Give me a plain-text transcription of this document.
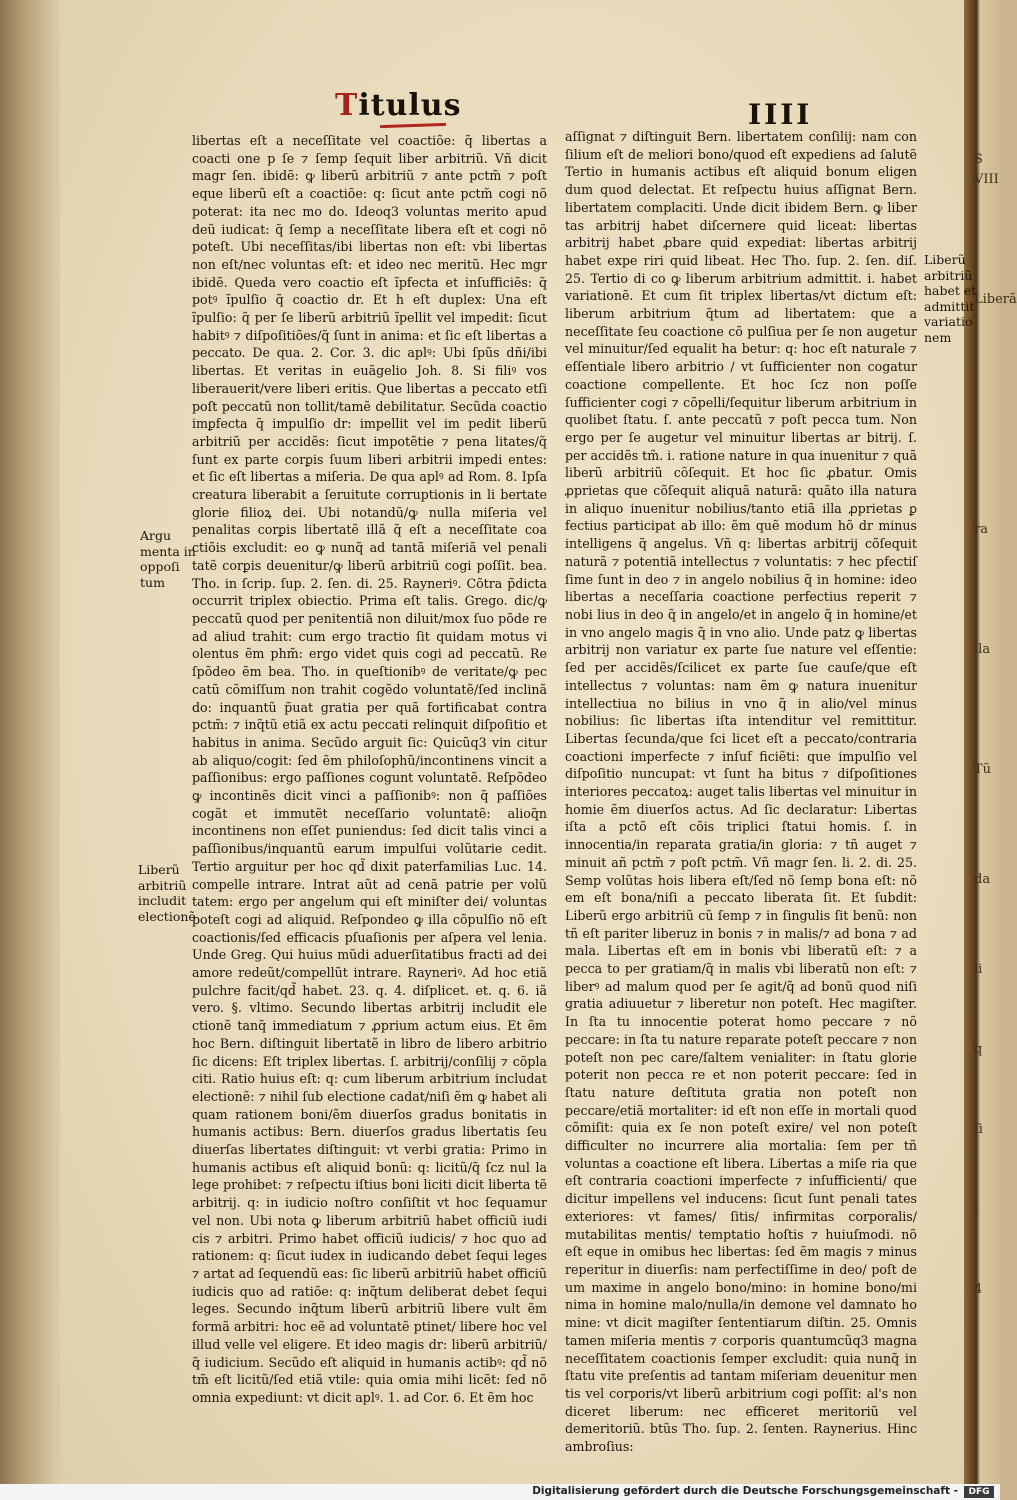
S VIII
Liberã
ra
lla
Tũ
da
li
q
ſi
i
4
Titulus	IIII

libertas eſt a neceſſitate vel coactiõe: q̃ libertas a coacti one p ſe ⁊ ſemp ſequit liber arbitriũ. Vñ dicit magr ſen. ibidẽ: ꝙ liberũ arbitriũ ⁊ ante pctm̃ ⁊ poſt eque liberũ eſt a coactiõe: q: ſicut ante pctm̃ cogi nõ poterat: ita nec mo do. Ideoq3 voluntas merito apud deũ iudicat: q̃ ſemp a neceſſitate libera eſt et cogi nõ poteſt. Ubi neceſſitas/ibi libertas non eſt: vbi libertas non eſt/nec voluntas eſt: et ideo nec meritũ. Hec mgr ibidẽ. Queda vero coactio eſt ĩpfecta et inſufficiẽs: q̃ potꝰ ĩpulſio q̃ coactio dr. Et h eſt duplex: Una eſt ĩpulſio: q̃ per ſe liberũ arbitriũ ĩpellit vel impedit: ſicut habitꝰ ⁊ diſpoſitiões/q̃ ſunt in anima: et ſic eſt libertas a peccato. De qua. 2. Cor. 3. dic aplꝰ: Ubi ſpũs dñi/ibi libertas. Et veritas in euãgelio Joh. 8. Si filiꝰ vos liberauerit/vere liberi eritis. Que libertas a peccato etſi poſt peccatũ non tollit/tamẽ debilitatur. Secũda coactio imꝑfecta q̃ impulſio dr: impellit vel im pedit liberũ arbitriũ per accidẽs: ſicut impotẽtie ⁊ pena litates/q̃ ſunt ex parte corꝑis ſuum liberi arbitrii impedi entes: et ſic eſt libertas a miſeria. De qua aplꝰ ad Rom. 8. Ipſa creatura liberabit a ſeruitute corruptionis in li bertate glorie filioꝝ dei. Ubi notandũ/ꝙ nulla miſeria vel penalitas corꝑis libertatẽ illã q̃ eſt a neceſſitate coa ctiõis excludit: eo ꝙ nunq̃ ad tantã miſeriã vel penali tatẽ corꝑis deuenitur/ꝙ liberũ arbitriũ cogi poſſit. bea. Tho. in ſcrip. ſup. 2. ſen. di. 25. Rayneriꝰ. Cõtra p̃dicta occurrit triplex obiectio. Prima eſt talis. Grego. dic/ꝙ peccatũ quod per penitentiã non diluit/mox ſuo põde re ad aliud trahit: cum ergo tractio ſit quidam motus vi olentus ẽm phm̃: ergo videt quis cogi ad peccatũ. Re ſpõdeo ẽm bea. Tho. in queſtionibꝰ de veritate/ꝙ pec catũ cõmiſſum non trahit cogẽdo voluntatẽ/ſed inclinã do: inquantũ p̃uat gratia per quã fortificabat contra pctm̃: ⁊ inq̃tũ etiã ex actu peccati relinquit diſpoſitio et habitus in anima. Secũdo arguit ſic: Quicũq3 vin citur ab aliquo/cogit: ſed ẽm philoſophũ/incontinens vincit a paſſionibus: ergo paſſiones cogunt voluntatẽ. Reſpõdeo ꝙ incontinẽs dicit vinci a paſſionibꝰ: non q̃ paſſiões cogãt et immutẽt neceſſario voluntatẽ: alioq̃n incontinens non eſſet puniendus: ſed dicit talis vinci a paſſionibus/inquantũ earum impulſui volũtarie cedit. Tertio arguitur per hoc qd̃ dixit paterfamilias Luc. 14. compelle intrare. Intrat aũt ad cenã patrie per volũ tatem: ergo per angelum qui eſt miniſter dei/ voluntas poteſt cogi ad aliquid. Reſpondeo ꝙ illa cõpulſio nõ eſt coactionis/ſed efficacis pſuaſionis per aſpera vel lenia. Unde Greg. Qui huius mũdi aduerſitatibus fracti ad dei amore redeũt/compellũt intrare. Rayneriꝰ. Ad hoc etiã pulchre facit/qd̃ habet. 23. q. 4. diſplicet. et. q. 6. iã vero. §. vltimo. Secundo libertas arbitrij includit ele ctionẽ tanq̃ immediatum ⁊ ꝓprium actum eius. Et ẽm hoc Bern. diſtinguit libertatẽ in libro de libero arbitrio ſic dicens: Eſt triplex libertas. ſ. arbitrij/conſilij ⁊ cõpla citi. Ratio huius eſt: q: cum liberum arbitrium includat electionẽ: ⁊ nihil ſub electione cadat/niſi ẽm ꝙ habet ali quam rationem boni/ẽm diuerſos gradus bonitatis in humanis actibus: Bern. diuerſos gradus libertatis ſeu diuerſas libertates diſtinguit: vt verbi gratia: Primo in humanis actibus eſt aliquid bonũ: q: licitũ/q̃ ſcz nul la lege prohibet: ⁊ reſpectu iſtius boni liciti dicit liberta tẽ arbitrij. q: in iudicio noſtro conſiſtit vt hoc ſequamur vel non. Ubi nota ꝙ liberum arbitriũ habet officiũ iudi cis ⁊ arbitri. Primo habet officiũ iudicis/ ⁊ hoc quo ad rationem: q: ſicut iudex in iudicando debet ſequi leges ⁊ artat ad ſequendũ eas: ſic liberũ arbitriũ habet officiũ iudicis quo ad ratiõe: q: inq̃tum deliberat debet ſequi leges. Secundo inq̃tum liberũ arbitriũ libere vult ẽm formã arbitri: hoc eẽ ad voluntatẽ ptinet/ libere hoc vel illud velle vel eligere. Et ideo magis dr: liberũ arbitriũ/ q̃ iudicium. Secũdo eſt aliquid in humanis actibꝰ: qd̃ nõ tm̃ eſt licitũ/ſed etiã vtile: quia omia mihi licẽt: ſed nõ omnia expediunt: vt dicit aplꝰ. 1. ad Cor. 6. Et ẽm hoc

aſſignat ⁊ diſtinguit Bern. libertatem conſilij: nam con ſilium eſt de meliori bono/quod eſt expediens ad ſalutẽ Tertio in humanis actibus eſt aliquid bonum eligen dum quod delectat. Et reſpectu huius aſſignat Bern. libertatem complaciti. Unde dicit ibidem Bern. ꝙ liber tas arbitrij habet diſcernere quid liceat: libertas arbitrij habet ꝓbare quid expediat: libertas arbitrij habet expe riri quid libeat. Hec Tho. ſup. 2. ſen. diſ. 25. Tertio di co ꝙ liberum arbitrium admittit. i. habet variationẽ. Et cum ſit triplex libertas/vt dictum eſt: liberum arbitrium q̃tum ad libertatem: que a neceſſitate ſeu coactione cõ pulſiua per ſe non augetur vel minuitur/ſed equalit ha betur: q: hoc eſt naturale ⁊ eſſentiale libero arbitrio / vt ſufficienter non cogatur coactione compellente. Et hoc ſcz non poſſe ſufficienter cogi ⁊ cõpelli/ſequitur liberum arbitrium in quolibet ſtatu. ſ. ante peccatũ ⁊ poſt pecca tum. Non ergo per ſe augetur vel minuitur libertas ar bitrij. ſ. per accidẽs tm̃. i. ratione nature in qua inuenitur ⁊ quã liberũ arbitriũ cõſequit. Et hoc ſic ꝓbatur. Omis ꝓprietas que cõſequit aliquã naturã: quãto illa natura in aliquo inuenitur nobilius/tanto etiã illa ꝓprietas ꝑ fectius participat ab illo: ẽm quẽ modum hõ dr minus intelligens q̃ angelus. Vñ q: libertas arbitrij cõſequit naturã ⁊ potentiã intellectus ⁊ voluntatis: ⁊ hec pfectiſ ſime ſunt in deo ⁊ in angelo nobilius q̃ in homine: ideo libertas a neceſſaria coactione perfectius reperit ⁊ nobi lius in deo q̃ in angelo/et in angelo q̃ in homine/et in vno angelo magis q̃ in vno alio. Unde patz ꝙ libertas arbitrij non variatur ex parte ſue nature vel eſſentie: ſed per accidẽs/ſcilicet ex parte ſue cauſe/que eſt intellectus ⁊ voluntas: nam ẽm ꝙ natura inuenitur intellectiua no bilius in vno q̃ in alio/vel minus nobilius: ſic libertas iſta intenditur vel remittitur. Libertas ſecunda/que ſci licet eſt a peccato/contraria coactioni imperfecte ⁊ inſuf ficiẽti: que impulſio vel diſpoſitio nuncupat: vt ſunt ha bitus ⁊ diſpoſitiones interiores peccatoꝝ: auget talis libertas vel minuitur in homie ẽm diuerſos actus. Ad ſic declaratur: Libertas iſta a pctõ eſt cõis triplici ſtatui homis. ſ. in innocentia/in reparata gratia/in gloria: ⁊ tñ auget ⁊ minuit añ pctm̃ ⁊ poſt pctm̃. Vñ magr ſen. li. 2. di. 25. Semp volũtas hois libera eſt/ſed nõ ſemp bona eſt: nõ em eſt bona/niſi a peccato liberata ſit. Et ſubdit: Liberũ ergo arbitriũ cũ ſemp ⁊ in ſingulis ſit benũ: non tñ eſt pariter liberuz in bonis ⁊ in malis/⁊ ad bona ⁊ ad mala. Libertas eſt em in bonis vbi liberatũ eſt: ⁊ a pecca to per gratiam/q̃ in malis vbi liberatũ non eſt: ⁊ liberꝰ ad malum quod per ſe agit/q̃ ad bonũ quod niſi gratia adiuuetur ⁊ liberetur non poteſt. Hec magiſter. In ſta tu innocentie poterat homo peccare ⁊ nõ peccare: in ſta tu nature reparate poteſt peccare ⁊ non poteſt non pec care/ſaltem venialiter: in ſtatu glorie poterit non pecca re et non poterit peccare: ſed in ſtatu nature deſtituta gratia non poteſt non peccare/etiã mortaliter: id eſt non eſſe in mortali quod cõmiſit: quia ex ſe non poteſt exire/ vel non poteſt difficulter no incurrere alia mortalia: ſem per tñ voluntas a coactione eſt libera. Libertas a miſe ria que eſt contraria coactioni imperfecte ⁊ inſufficienti/ que dicitur impellens vel inducens: ſicut ſunt penali tates exteriores: vt fames/ ſitis/ infirmitas corporalis/ mutabilitas mentis/ temptatio hoſtis ⁊ huiuſmodi. nõ eſt eque in omibus hec libertas: ſed ẽm magis ⁊ minus reperitur in diuerſis: nam perfectiſſime in deo/ poſt de um maxime in angelo bono/mino: in homine bono/mi nima in homine malo/nulla/in demone vel damnato ho mine: vt dicit magiſter ſententiarum diſtin. 25. Omnis tamen miſeria mentis ⁊ corporis quantumcũq3 magna neceſſitatem coactionis ſemper excludit: quia nunq̃ in ſtatu vite preſentis ad tantam miſeriam deuenitur men tis vel corporis/vt liberũ arbitrium cogi poſſit: al's non diceret liberum: nec efficeret meritoriũ vel demeritoriũ. btũs Tho. ſup. 2. ſenten. Raynerius. Hinc ambroſius:

Argu
menta in
oppoſi
tum
Liberũ
arbitriũ
includit
electionẽ
Liberũ
arbitriũ
habet et
admittit
variatio
nem
Digitalisierung gefördert durch die Deutsche Forschungsgemeinschaft -	DFG
